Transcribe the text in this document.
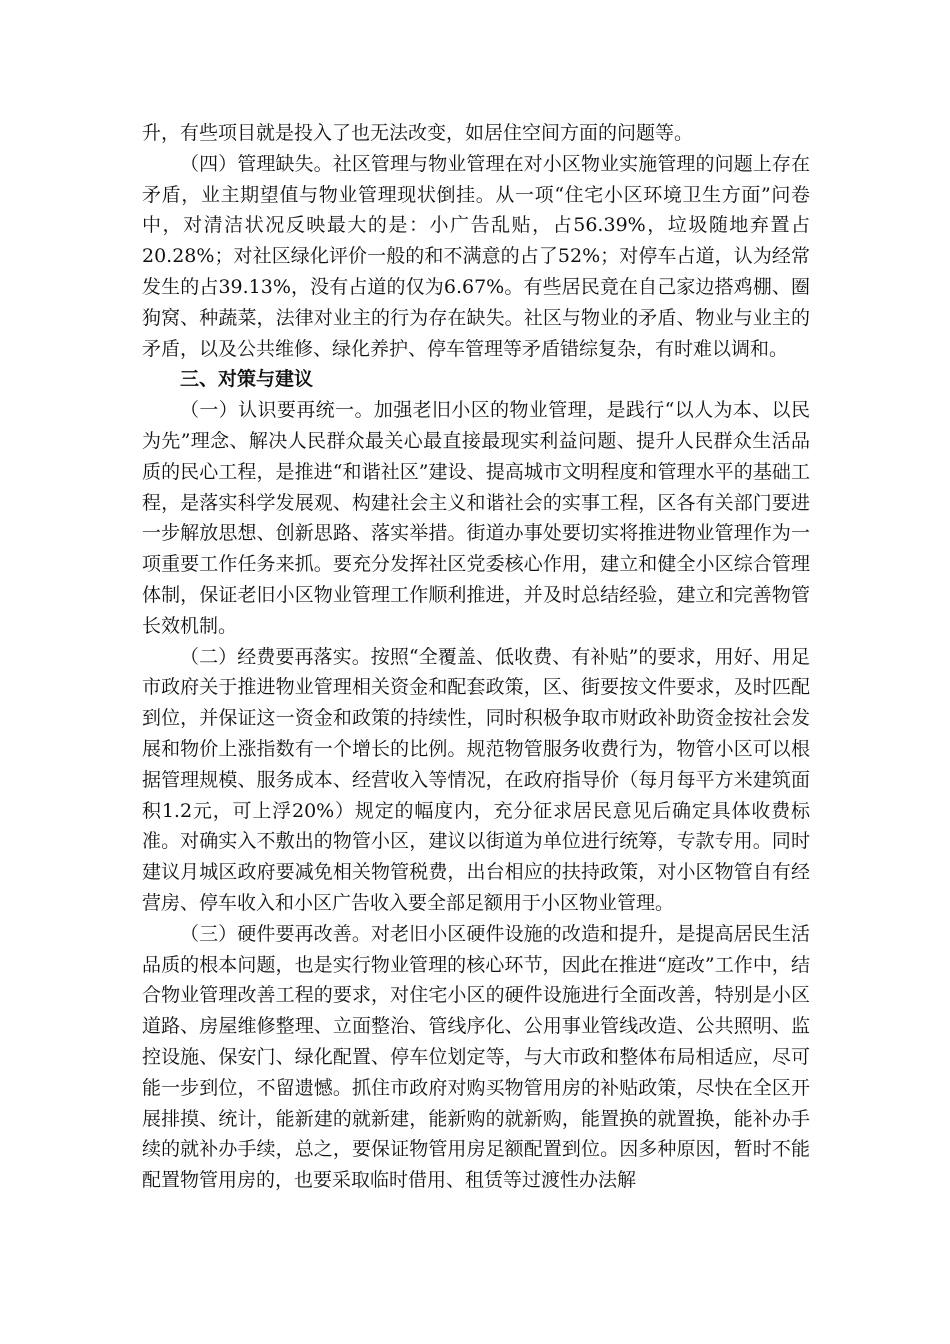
升，有些项目就是投入了也无法改变，如居住空间方面的问题等。

（四）管理缺失。社区管理与物业管理在对小区物业实施管理的问题上存在矛盾，业主期望值与物业管理现状倒挂。从一项“住宅小区环境卫生方面”问卷中，对清洁状况反映最大的是：小广告乱贴，占56.39%，垃圾随地弃置占20.28%；对社区绿化评价一般的和不满意的占了52%；对停车占道，认为经常发生的占39.13%，没有占道的仅为6.67%。有些居民竟在自己家边搭鸡棚、圈狗窝、种蔬菜，法律对业主的行为存在缺失。社区与物业的矛盾、物业与业主的矛盾，以及公共维修、绿化养护、停车管理等矛盾错综复杂，有时难以调和。

三、对策与建议

（一）认识要再统一。加强老旧小区的物业管理，是践行“以人为本、以民为先”理念、解决人民群众最关心最直接最现实利益问题、提升人民群众生活品质的民心工程，是推进“和谐社区”建设、提高城市文明程度和管理水平的基础工程，是落实科学发展观、构建社会主义和谐社会的实事工程，区各有关部门要进一步解放思想、创新思路、落实举措。街道办事处要切实将推进物业管理作为一项重要工作任务来抓。要充分发挥社区党委核心作用，建立和健全小区综合管理体制，保证老旧小区物业管理工作顺利推进，并及时总结经验，建立和完善物管长效机制。

（二）经费要再落实。按照“全覆盖、低收费、有补贴”的要求，用好、用足市政府关于推进物业管理相关资金和配套政策，区、街要按文件要求，及时匹配到位，并保证这一资金和政策的持续性，同时积极争取市财政补助资金按社会发展和物价上涨指数有一个增长的比例。规范物管服务收费行为，物管小区可以根据管理规模、服务成本、经营收入等情况，在政府指导价（每月每平方米建筑面积1.2元，可上浮20%）规定的幅度内，充分征求居民意见后确定具体收费标准。对确实入不敷出的物管小区，建议以街道为单位进行统筹，专款专用。同时建议月城区政府要减免相关物管税费，出台相应的扶持政策，对小区物管自有经营房、停车收入和小区广告收入要全部足额用于小区物业管理。

（三）硬件要再改善。对老旧小区硬件设施的改造和提升，是提高居民生活品质的根本问题，也是实行物业管理的核心环节，因此在推进“庭改”工作中，结合物业管理改善工程的要求，对住宅小区的硬件设施进行全面改善，特别是小区道路、房屋维修整理、立面整治、管线序化、公用事业管线改造、公共照明、监控设施、保安门、绿化配置、停车位划定等，与大市政和整体布局相适应，尽可能一步到位，不留遗憾。抓住市政府对购买物管用房的补贴政策，尽快在全区开展排摸、统计，能新建的就新建，能新购的就新购，能置换的就置换，能补办手续的就补办手续，总之，要保证物管用房足额配置到位。因多种原因，暂时不能配置物管用房的，也要采取临时借用、租赁等过渡性办法解
